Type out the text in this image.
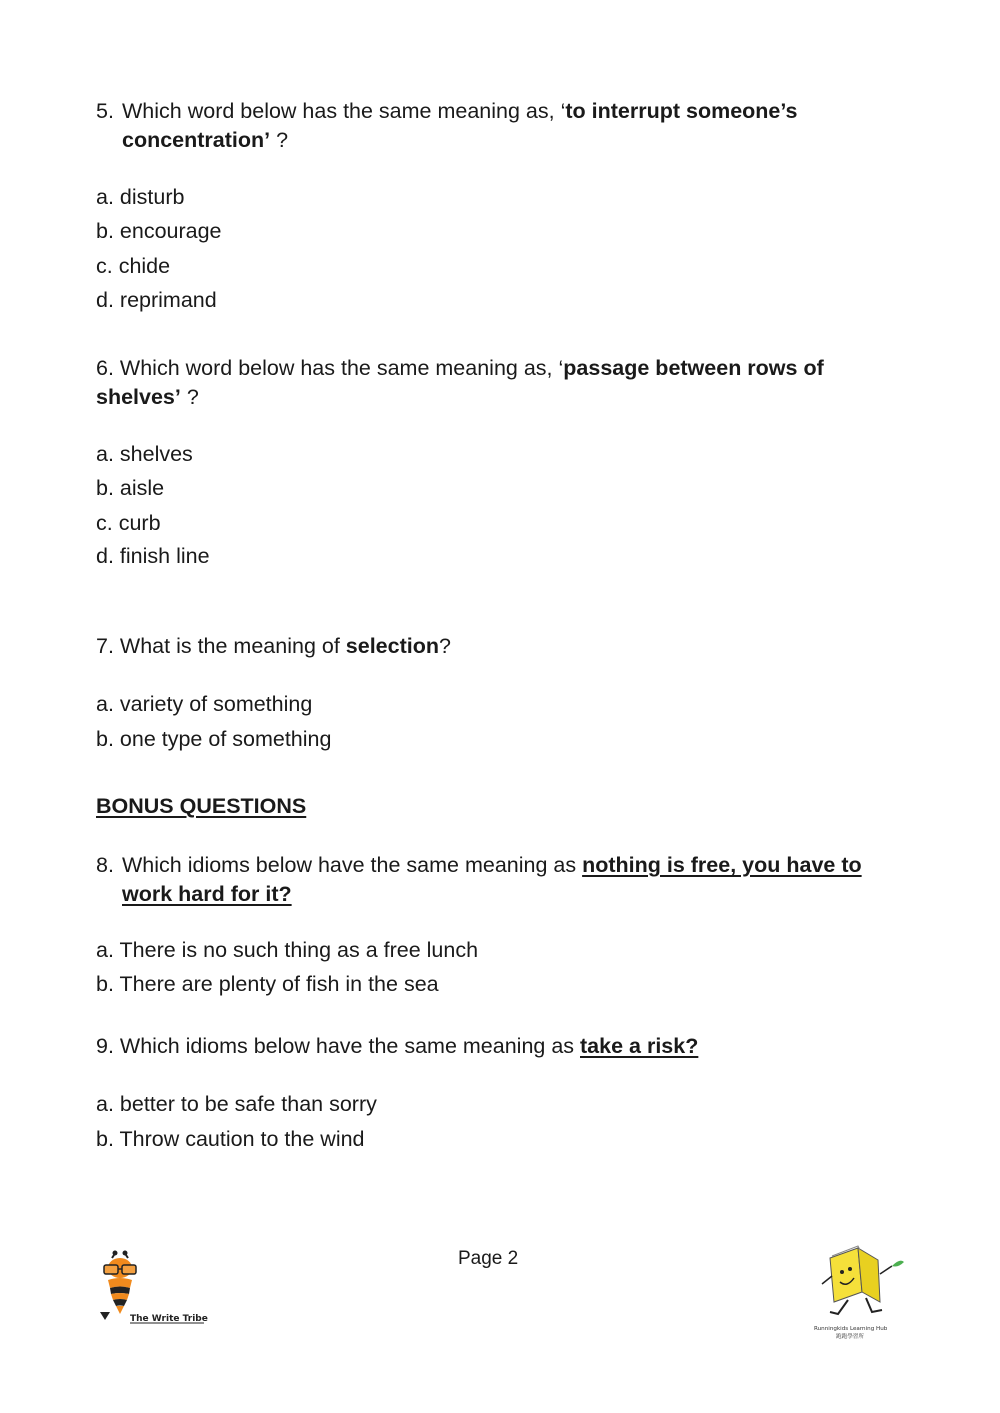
5. Which word below has the same meaning as, ‘to interrupt someone’s concentration’ ?
a. disturb
b. encourage
c. chide
d. reprimand
6. Which word below has the same meaning as, ‘passage between rows of shelves’ ?
a. shelves
b. aisle
c. curb
d. finish line
7. What is the meaning of selection?
a. variety of something
b. one type of something
BONUS QUESTIONS
8. Which idioms below have the same meaning as nothing is free, you have to work hard for it?
a. There is no such thing as a free lunch
b. There are plenty of fish in the sea
9. Which idioms below have the same meaning as take a risk?
a. better to be safe than sorry
b. Throw caution to the wind
The Write Tribe
Page 2
Runningkids Learning Hub
跑跑學習所
